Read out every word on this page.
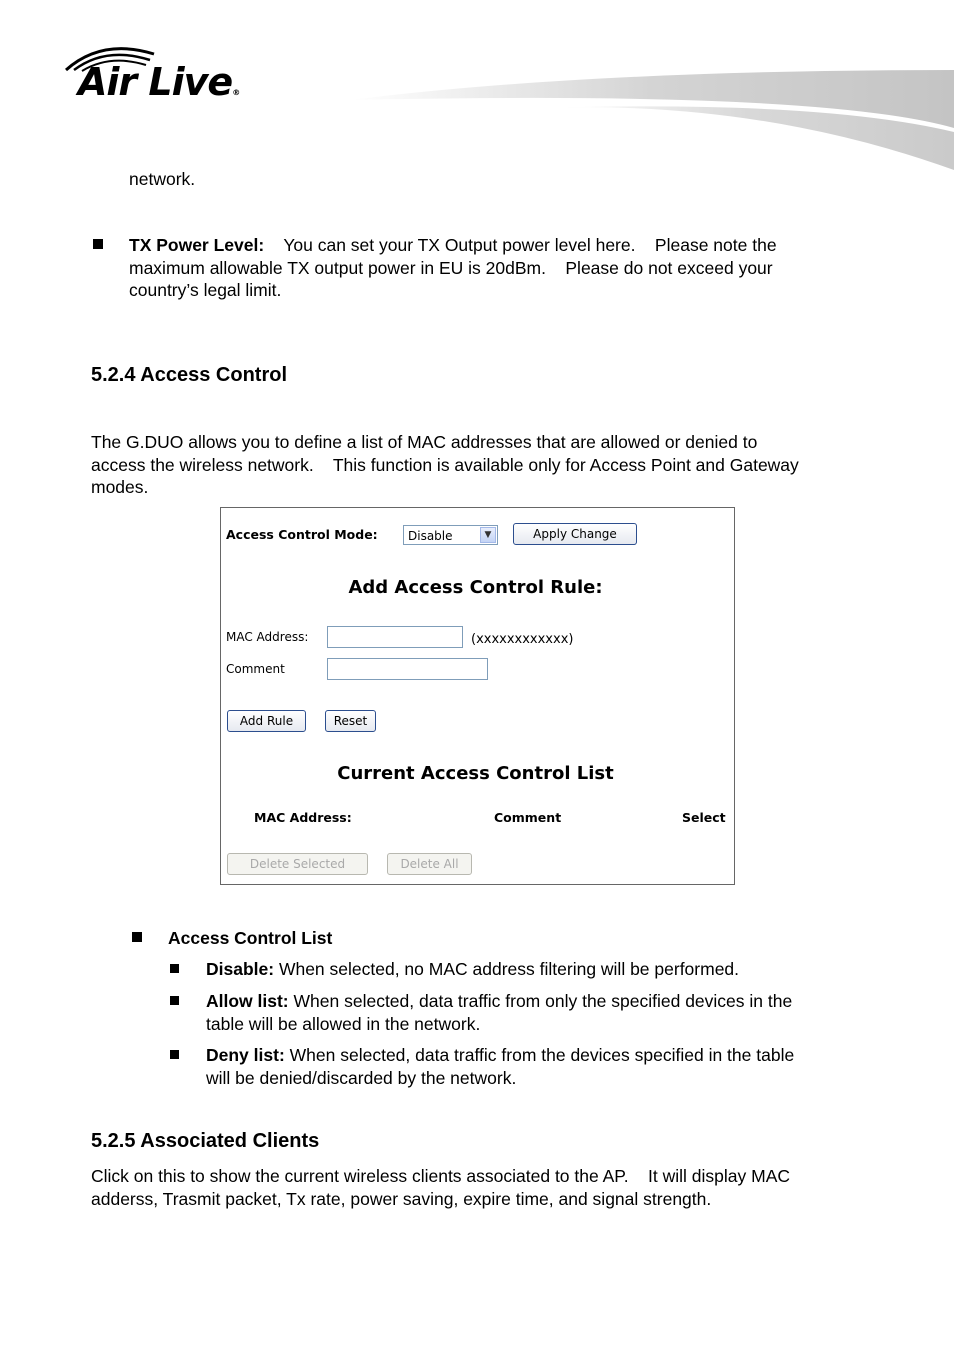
Air Live®
network.
TX Power Level: You can set your TX Output power level here.    Please note the
maximum allowable TX output power in EU is 20dBm.    Please do not exceed your
country’s legal limit.
5.2.4 Access Control
The G.DUO allows you to define a list of MAC addresses that are allowed or denied to
access the wireless network.    This function is available only for Access Point and Gateway
modes.
Access Control Mode:	Disable	▼	Apply Change
Add Access Control Rule:
MAC Address:	(xxxxxxxxxxxx)
Comment
Add Rule	Reset
Current Access Control List
MAC Address:	Comment	Select
Delete Selected	Delete All
Access Control List
Disable: When selected, no MAC address filtering will be performed.
Allow list: When selected, data traffic from only the specified devices in the
table will be allowed in the network.
Deny list: When selected, data traffic from the devices specified in the table
will be denied/discarded by the network.
5.2.5 Associated Clients
Click on this to show the current wireless clients associated to the AP.    It will display MAC
adderss, Trasmit packet, Tx rate, power saving, expire time, and signal strength.
